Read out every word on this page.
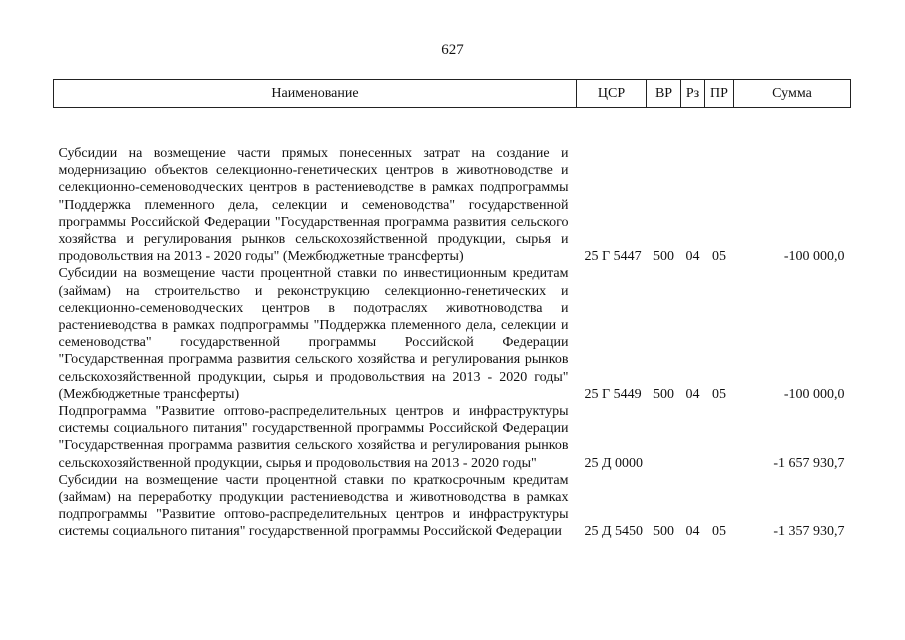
627
Наименование	ЦСР	ВР	Рз	ПР	Сумма
Субсидии на возмещение части прямых понесенных затрат на создание и модернизацию объектов селекционно-генетических центров в животноводстве и селекционно-семеноводческих центров в растениеводстве в рамках подпрограммы "Поддержка племенного дела, селекции и семеноводства" государственной программы Российской Федерации "Государственная программа развития сельского хозяйства и регулирования рынков сельскохозяйственной продукции, сырья и продовольствия на 2013 - 2020 годы" (Межбюджетные трансферты)	25 Г 5447	500	04	05	-100 000,0
Субсидии на возмещение части процентной ставки по инвестиционным кредитам (займам) на строительство и реконструкцию селекционно-генетических и селекционно-семеноводческих центров в подотраслях животноводства и растениеводства в рамках подпрограммы "Поддержка племенного дела, селекции и семеноводства" государственной программы Российской Федерации "Государственная программа развития сельского хозяйства и регулирования рынков сельскохозяйственной продукции, сырья и продовольствия на 2013 - 2020 годы" (Межбюджетные трансферты)	25 Г 5449	500	04	05	-100 000,0
Подпрограмма "Развитие оптово-распределительных центров и инфраструктуры системы социального питания" государственной программы Российской Федерации "Государственная программа развития сельского хозяйства и регулирования рынков сельскохозяйственной продукции, сырья и продовольствия на 2013 - 2020 годы"	25 Д 0000				-1 657 930,7
Субсидии на возмещение части процентной ставки по краткосрочным кредитам (займам) на переработку продукции растениеводства и животноводства в рамках подпрограммы "Развитие оптово-распределительных центров и инфраструктуры системы социального питания" государственной программы Российской Федерации	25 Д 5450	500	04	05	-1 357 930,7
